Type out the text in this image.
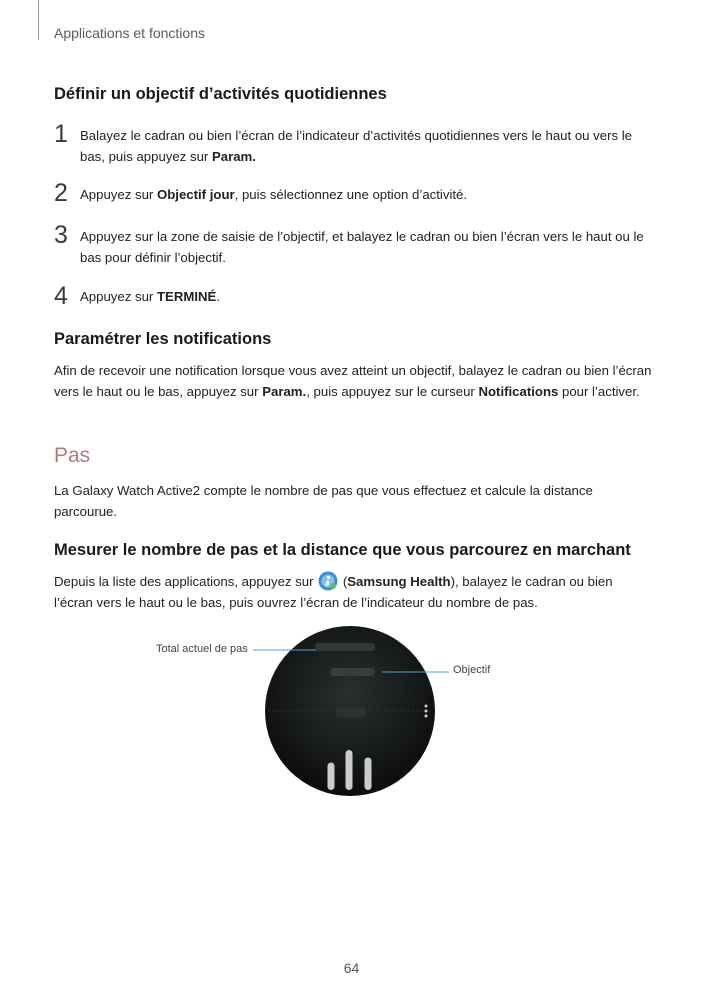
Applications et fonctions
Définir un objectif d’activités quotidiennes
1 Balayez le cadran ou bien l’écran de l’indicateur d’activités quotidiennes vers le haut ou vers le bas, puis appuyez sur Param.
2 Appuyez sur Objectif jour, puis sélectionnez une option d’activité.
3 Appuyez sur la zone de saisie de l’objectif, et balayez le cadran ou bien l’écran vers le haut ou le bas pour définir l’objectif.
4 Appuyez sur TERMINÉ.
Paramétrer les notifications
Afin de recevoir une notification lorsque vous avez atteint un objectif, balayez le cadran ou bien l’écran vers le haut ou le bas, appuyez sur Param., puis appuyez sur le curseur Notifications pour l’activer.
Pas
La Galaxy Watch Active2 compte le nombre de pas que vous effectuez et calcule la distance parcourue.
Mesurer le nombre de pas et la distance que vous parcourez en marchant
Depuis la liste des applications, appuyez sur  (Samsung Health), balayez le cadran ou bien l’écran vers le haut ou le bas, puis ouvrez l’écran de l’indicateur du nombre de pas.
Total actuel de pas
Objectif
64
